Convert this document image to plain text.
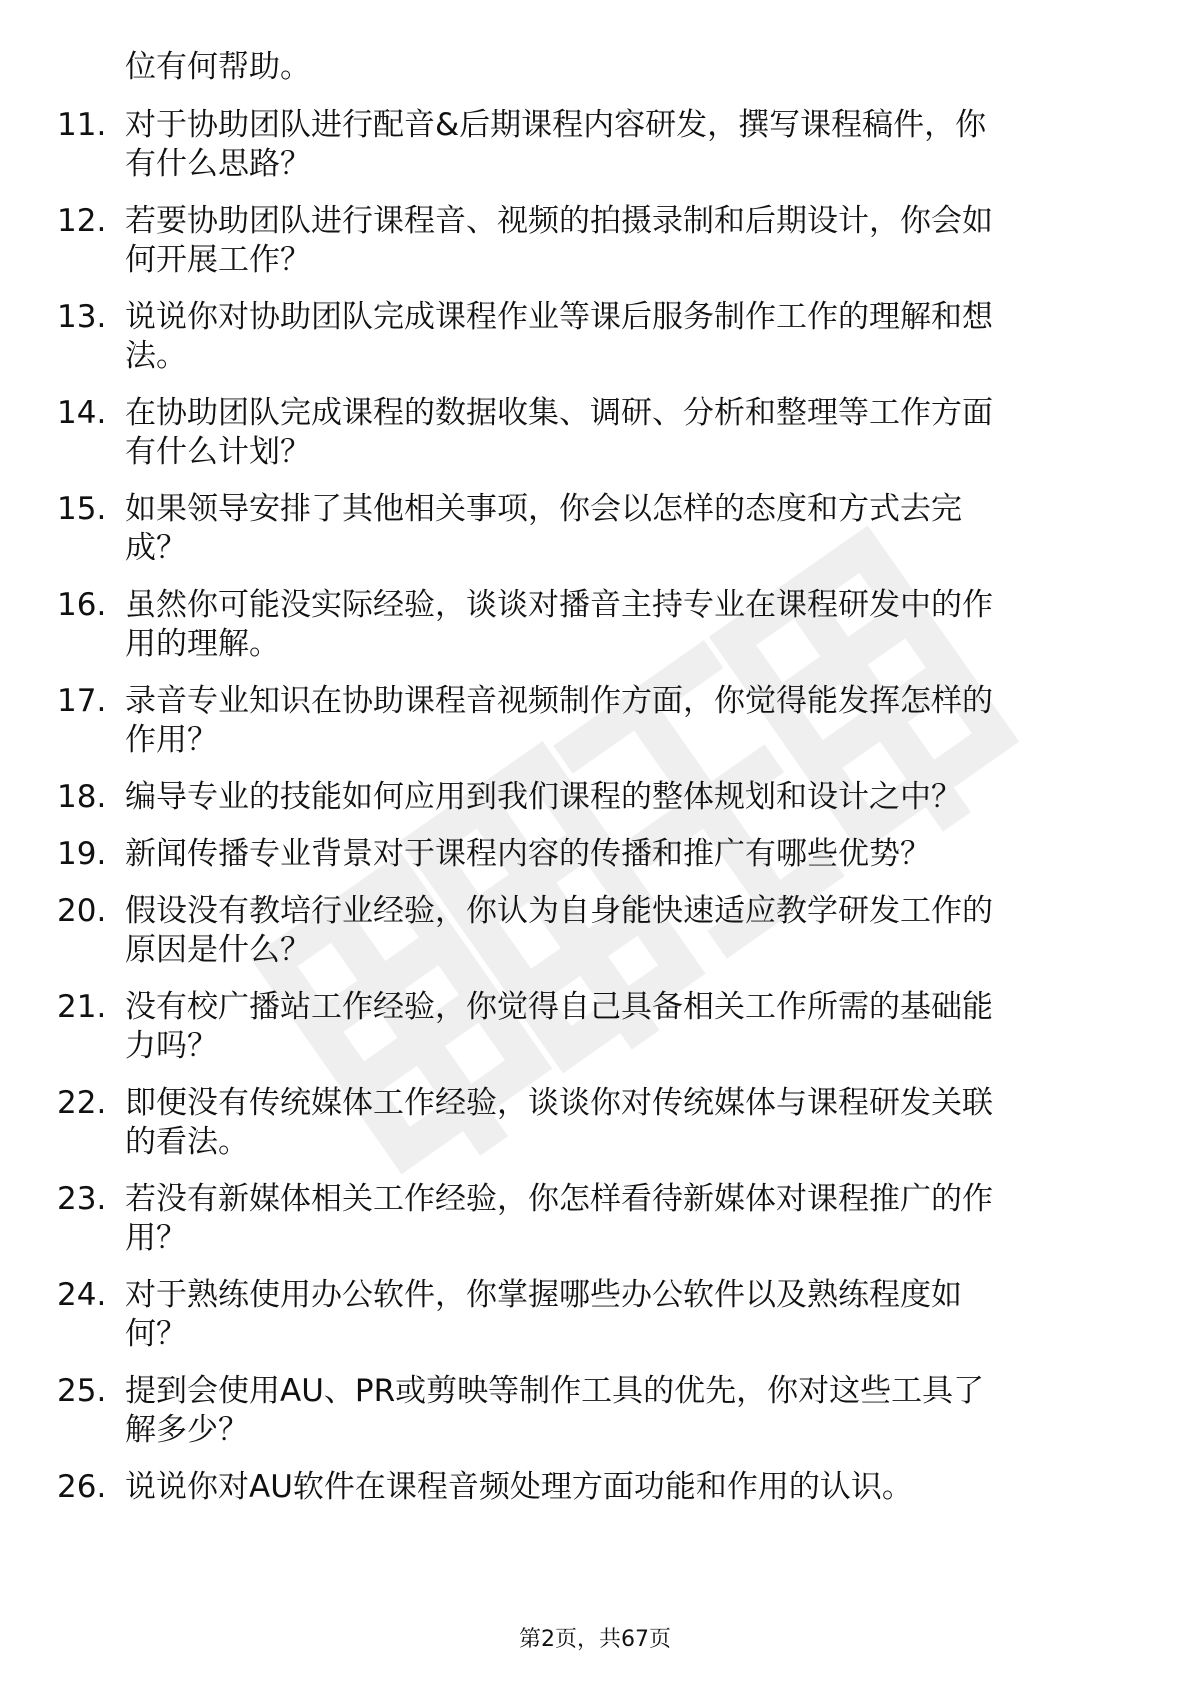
位有何帮助。
11. 对于协助团队进行配音&后期课程内容研发，撰写课程稿件，你
有什么思路？
12. 若要协助团队进行课程音、视频的拍摄录制和后期设计，你会如
何开展工作？
13. 说说你对协助团队完成课程作业等课后服务制作工作的理解和想
法。
14. 在协助团队完成课程的数据收集、调研、分析和整理等工作方面
有什么计划？
15. 如果领导安排了其他相关事项，你会以怎样的态度和方式去完
成？
16. 虽然你可能没实际经验，谈谈对播音主持专业在课程研发中的作
用的理解。
17. 录音专业知识在协助课程音视频制作方面，你觉得能发挥怎样的
作用？
18. 编导专业的技能如何应用到我们课程的整体规划和设计之中？
19. 新闻传播专业背景对于课程内容的传播和推广有哪些优势？
20. 假设没有教培行业经验，你认为自身能快速适应教学研发工作的
原因是什么？
21. 没有校广播站工作经验，你觉得自己具备相关工作所需的基础能
力吗？
22. 即便没有传统媒体工作经验，谈谈你对传统媒体与课程研发关联
的看法。
23. 若没有新媒体相关工作经验，你怎样看待新媒体对课程推广的作
用？
24. 对于熟练使用办公软件，你掌握哪些办公软件以及熟练程度如
何？
25. 提到会使用AU、PR或剪映等制作工具的优先，你对这些工具了
解多少？
26. 说说你对AU软件在课程音频处理方面功能和作用的认识。
第2页，共67页
